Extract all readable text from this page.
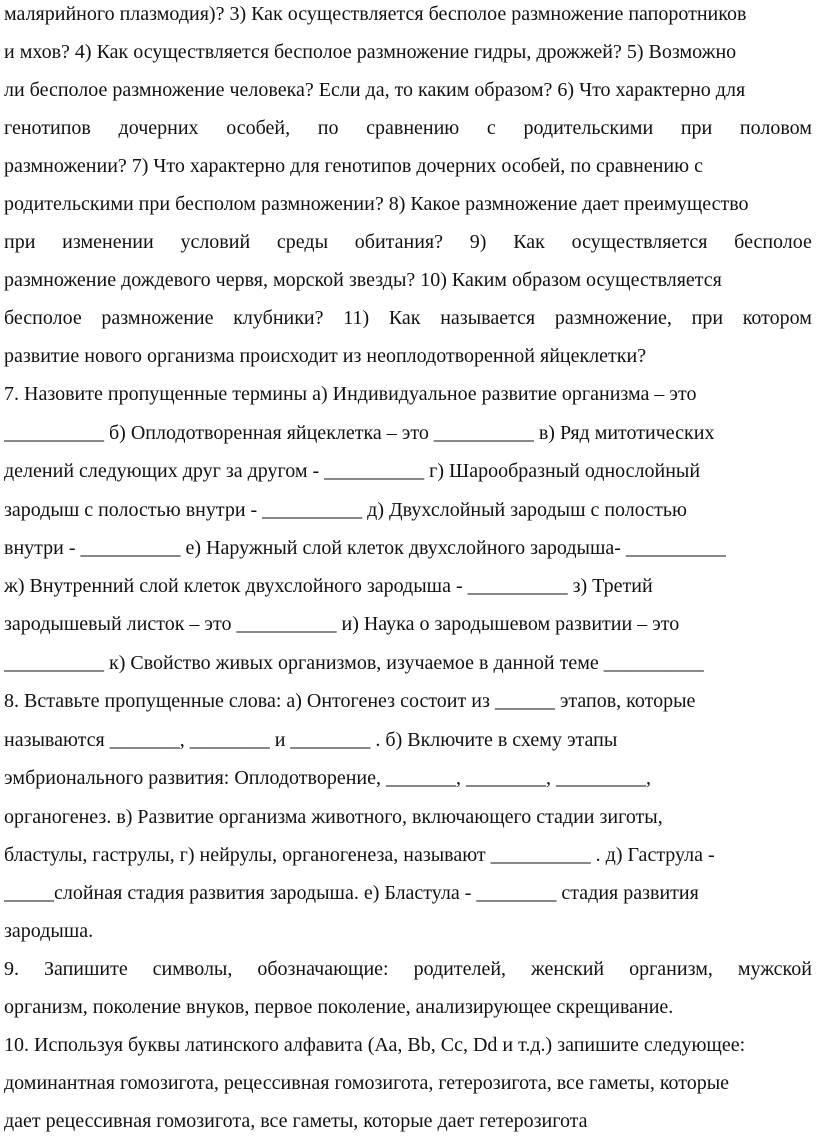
малярийного плазмодия)? 3) Как осуществляется бесполое размножение папоротников
и мхов? 4) Как осуществляется бесполое размножение гидры, дрожжей? 5) Возможно
ли бесполое размножение человека? Если да, то каким образом? 6) Что характерно для
генотипов дочерних особей, по сравнению с родительскими при половом
размножении? 7) Что характерно для генотипов дочерних особей, по сравнению с
родительскими при бесполом размножении? 8) Какое размножение дает преимущество
при изменении условий среды обитания? 9) Как осуществляется бесполое
размножение дождевого червя, морской звезды? 10) Каким образом осуществляется
бесполое размножение клубники? 11) Как называется размножение, при котором
развитие нового организма происходит из неоплодотворенной яйцеклетки?
7. Назовите пропущенные термины а) Индивидуальное развитие организма – это
__________ б) Оплодотворенная яйцеклетка – это __________ в) Ряд митотических
делений следующих друг за другом - __________ г) Шарообразный однослойный
зародыш с полостью внутри - __________ д) Двухслойный зародыш с полостью
внутри - __________ е) Наружный слой клеток двухслойного зародыша- __________
ж) Внутренний слой клеток двухслойного зародыша - __________ з) Третий
зародышевый листок – это __________ и) Наука о зародышевом развитии – это
__________ к) Свойство живых организмов, изучаемое в данной теме __________
8. Вставьте пропущенные слова: а) Онтогенез состоит из ______ этапов, которые
называются _______, ________ и ________ . б) Включите в схему этапы
эмбрионального развития: Оплодотворение, _______, ________, _________,
органогенез. в) Развитие организма животного, включающего стадии зиготы,
бластулы, гаструлы, г) нейрулы, органогенеза, называют __________ . д) Гаструла -
_____слойная стадия развития зародыша. е) Бластула - ________ стадия развития
зародыша.
9. Запишите символы, обозначающие: родителей, женский организм, мужской
организм, поколение внуков, первое поколение, анализирующее скрещивание.
10. Используя буквы латинского алфавита (Аа, Bb, Cc, Dd и т.д.) запишите следующее:
доминантная гомозигота, рецессивная гомозигота, гетерозигота, все гаметы, которые
дает рецессивная гомозигота, все гаметы, которые дает гетерозигота
